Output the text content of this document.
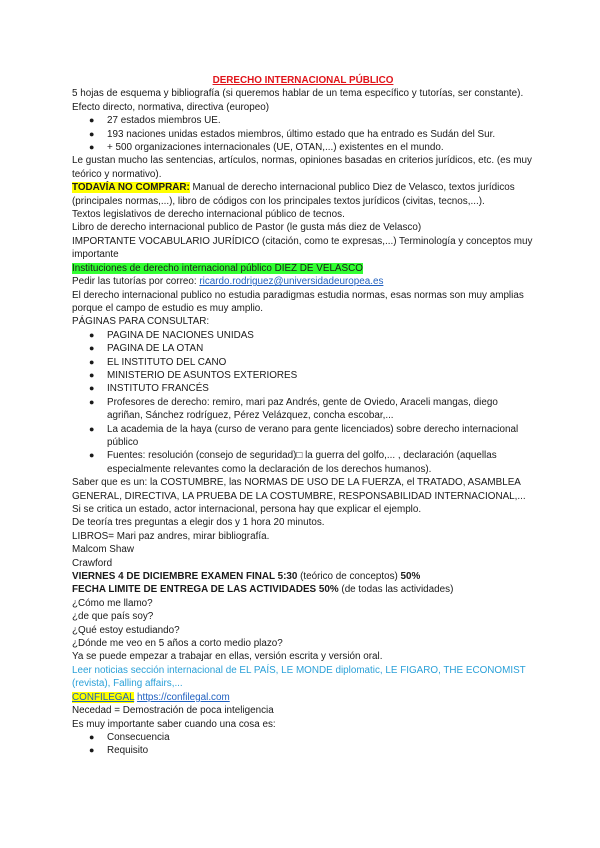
DERECHO INTERNACIONAL PÚBLICO
5 hojas de esquema y bibliografía (si queremos hablar de un tema específico y tutorías, ser constante).
Efecto directo, normativa, directiva (europeo)
● 27 estados miembros UE.
● 193 naciones unidas estados miembros, último estado que ha entrado es Sudán del Sur.
● + 500 organizaciones internacionales (UE, OTAN,...) existentes en el mundo.
Le gustan mucho las sentencias, artículos, normas, opiniones basadas en criterios jurídicos, etc. (es muy teórico y normativo).
TODAVÍA NO COMPRAR: Manual de derecho internacional publico Diez de Velasco, textos jurídicos (principales normas,...), libro de códigos con los principales textos jurídicos (civitas, tecnos,...).
Textos legislativos de derecho internacional público de tecnos.
Libro de derecho internacional publico de Pastor (le gusta más diez de Velasco)
IMPORTANTE VOCABULARIO JURÍDICO (citación, como te expresas,...) Terminología y conceptos muy importante
Instituciones de derecho internacional público DIEZ DE VELASCO
Pedir las tutorías por correo: ricardo.rodriguez@universidadeuropea.es
El derecho internacional publico no estudia paradigmas estudia normas, esas normas son muy amplias porque el campo de estudio es muy amplio.
PÁGINAS PARA CONSULTAR:
● PAGINA DE NACIONES UNIDAS
● PAGINA DE LA OTAN
● EL INSTITUTO DEL CANO
● MINISTERIO DE ASUNTOS EXTERIORES
● INSTITUTO FRANCÉS
● Profesores de derecho: remiro, mari paz Andrés, gente de Oviedo, Araceli mangas, diego agriñan, Sánchez rodríguez, Pérez Velázquez, concha escobar,...
● La academia de la haya (curso de verano para gente licenciados) sobre derecho internacional público
● Fuentes: resolución (consejo de seguridad)□ la guerra del golfo,... , declaración (aquellas especialmente relevantes como la declaración de los derechos humanos).
Saber que es un: la COSTUMBRE, las NORMAS DE USO DE LA FUERZA, el TRATADO, ASAMBLEA GENERAL, DIRECTIVA, LA PRUEBA DE LA COSTUMBRE, RESPONSABILIDAD INTERNACIONAL,...
Si se critica un estado, actor internacional, persona hay que explicar el ejemplo.
De teoría tres preguntas a elegir dos y 1 hora 20 minutos.
LIBROS= Mari paz andres, mirar bibliografía.
Malcom Shaw
Crawford
VIERNES 4 DE DICIEMBRE EXAMEN FINAL 5:30 (teórico de conceptos) 50%
FECHA LIMITE DE ENTREGA DE LAS ACTIVIDADES 50% (de todas las actividades)
¿Cómo me llamo?
¿de que país soy?
¿Qué estoy estudiando?
¿Dónde me veo en 5 años a corto medio plazo?
Ya se puede empezar a trabajar en ellas, versión escrita y versión oral.
Leer noticias sección internacional de EL PAÍS, LE MONDE diplomatic, LE FIGARO, THE ECONOMIST (revista), Falling affairs,...
CONFILEGAL https://confilegal.com
Necedad = Demostración de poca inteligencia
Es muy importante saber cuando una cosa es:
● Consecuencia
● Requisito
